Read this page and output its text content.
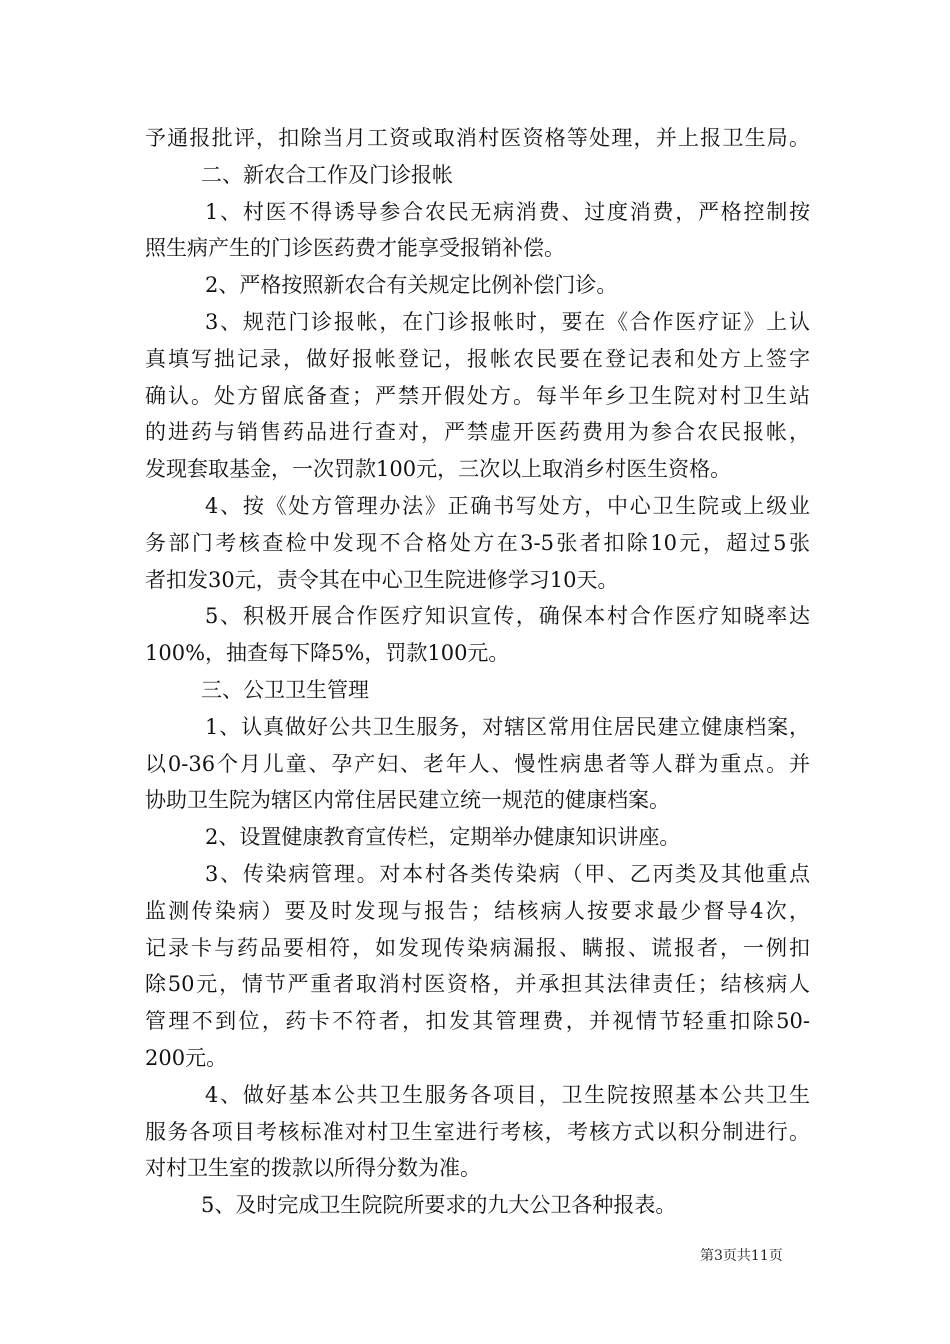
予通报批评，扣除当月工资或取消村医资格等处理，并上报卫生局。
二、新农合工作及门诊报帐
1、村医不得诱导参合农民无病消费、过度消费，严格控制按
照生病产生的门诊医药费才能享受报销补偿。
2、严格按照新农合有关规定比例补偿门诊。
3、规范门诊报帐，在门诊报帐时，要在《合作医疗证》上认
真填写拙记录，做好报帐登记，报帐农民要在登记表和处方上签字
确认。处方留底备查；严禁开假处方。每半年乡卫生院对村卫生站
的进药与销售药品进行查对，严禁虚开医药费用为参合农民报帐，
发现套取基金，一次罚款100元，三次以上取消乡村医生资格。
4、按《处方管理办法》正确书写处方，中心卫生院或上级业
务部门考核查检中发现不合格处方在3-5张者扣除10元，超过5张
者扣发30元，责令其在中心卫生院进修学习10天。
5、积极开展合作医疗知识宣传，确保本村合作医疗知晓率达
100%，抽查每下降5%，罚款100元。
三、公卫卫生管理
1、认真做好公共卫生服务，对辖区常用住居民建立健康档案，
以0-36个月儿童、孕产妇、老年人、慢性病患者等人群为重点。并
协助卫生院为辖区内常住居民建立统一规范的健康档案。
2、设置健康教育宣传栏，定期举办健康知识讲座。
3、传染病管理。对本村各类传染病（甲、乙丙类及其他重点
监测传染病）要及时发现与报告；结核病人按要求最少督导4次，
记录卡与药品要相符，如发现传染病漏报、瞒报、谎报者，一例扣
除50元，情节严重者取消村医资格，并承担其法律责任；结核病人
管理不到位，药卡不符者，扣发其管理费，并视情节轻重扣除50-
200元。
4、做好基本公共卫生服务各项目，卫生院按照基本公共卫生
服务各项目考核标准对村卫生室进行考核，考核方式以积分制进行。
对村卫生室的拨款以所得分数为准。
5、及时完成卫生院院所要求的九大公卫各种报表。
第3页共11页
